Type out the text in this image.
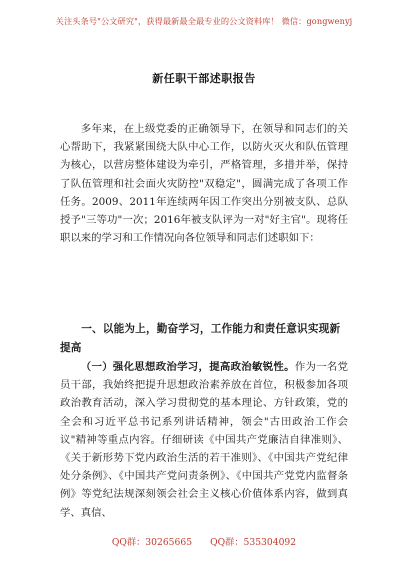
关注头条号"公文研究"，获得最新最全最专业的公文资料库！ 微信：gongwenyj
新任职干部述职报告

多年来，在上级党委的正确领导下，在领导和同志们的关心帮助下，我紧紧围绕大队中心工作，以防火灭火和队伍管理为核心，以营房整体建设为牵引，严格管理，多措并举，保持了队伍管理和社会面火灾防控"双稳定"，圆满完成了各项工作任务。2009、2011年连续两年因工作突出分别被支队、总队授予"三等功"一次；2016年被支队评为一对"好主官"。现将任职以来的学习和工作情况向各位领导和同志们述职如下：

一、以能为上，勤奋学习，工作能力和责任意识实现新提高

（一）强化思想政治学习，提高政治敏锐性。作为一名党员干部，我始终把提升思想政治素养放在首位，积极参加各项政治教育活动，深入学习贯彻党的基本理论、方针政策，党的全会和习近平总书记系列讲话精神，领会"古田政治工作会议"精神等重点内容。仔细研读《中国共产党廉洁自律准则》、《关于新形势下党内政治生活的若干准则》、《中国共产党纪律处分条例》、《中国共产党问责条例》、《中国共产党党内监督条例》等党纪法规深刻领会社会主义核心价值体系内容，做到真学、真信、

QQ群：30265665 QQ群：535304092
